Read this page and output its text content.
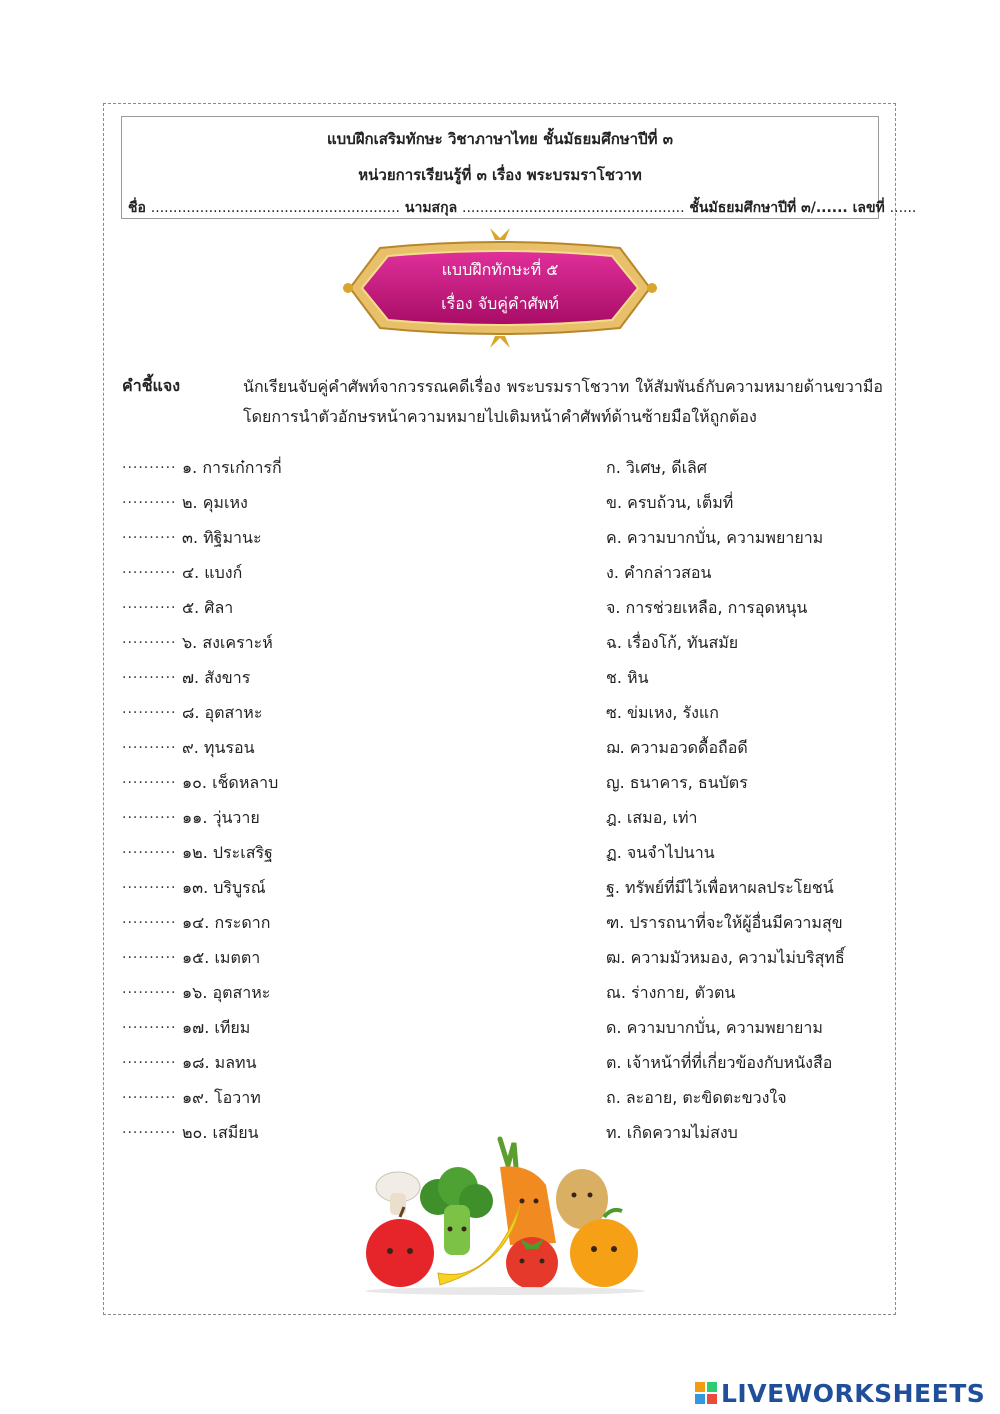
แบบฝึกเสริมทักษะ วิชาภาษาไทย ชั้นมัธยมศึกษาปีที่ ๓
หน่วยการเรียนรู้ที่ ๓ เรื่อง พระบรมราโชวาท
ชื่อ ........................................................ นามสกุล .................................................. ชั้นมัธยมศึกษาปีที่ ๓/...... เลขที่ ......
แบบฝึกทักษะที่ ๕
เรื่อง จับคู่คำศัพท์
คำชี้แจง	นักเรียนจับคู่คำศัพท์จากวรรณคดีเรื่อง พระบรมราโชวาท ให้สัมพันธ์กับความหมายด้านขวามือโดยการนำตัวอักษรหน้าความหมายไปเติมหน้าคำศัพท์ด้านซ้ายมือให้ถูกต้อง
.......... ๑. การเก๋การกี่	ก. วิเศษ, ดีเลิศ
.......... ๒. คุมเหง	ข. ครบถ้วน, เต็มที่
.......... ๓. ทิฐิมานะ	ค. ความบากบั่น, ความพยายาม
.......... ๔. แบงก์	ง. คำกล่าวสอน
.......... ๕. ศิลา	จ. การช่วยเหลือ, การอุดหนุน
.......... ๖. สงเคราะห์	ฉ. เรื่องโก้, ทันสมัย
.......... ๗. สังขาร	ช. หิน
.......... ๘. อุตสาหะ	ซ. ข่มเหง, รังแก
.......... ๙. ทุนรอน	ฌ. ความอวดดื้อถือดี
.......... ๑๐. เช็ดหลาบ	ญ. ธนาคาร, ธนบัตร
.......... ๑๑. วุ่นวาย	ฎ. เสมอ, เท่า
.......... ๑๒. ประเสริฐ	ฏ. จนจำไปนาน
.......... ๑๓. บริบูรณ์	ฐ. ทรัพย์ที่มีไว้เพื่อหาผลประโยชน์
.......... ๑๔. กระดาก	ฑ. ปรารถนาที่จะให้ผู้อื่นมีความสุข
.......... ๑๕. เมตตา	ฒ. ความมัวหมอง, ความไม่บริสุทธิ์
.......... ๑๖. อุตสาหะ	ณ. ร่างกาย, ตัวตน
.......... ๑๗. เทียม	ด. ความบากบั่น, ความพยายาม
.......... ๑๘. มลทน	ต. เจ้าหน้าที่ที่เกี่ยวข้องกับหนังสือ
.......... ๑๙. โอวาท	ถ. ละอาย, ตะขิดตะขวงใจ
.......... ๒๐. เสมียน	ท. เกิดความไม่สงบ
LIVEWORKSHEETS
